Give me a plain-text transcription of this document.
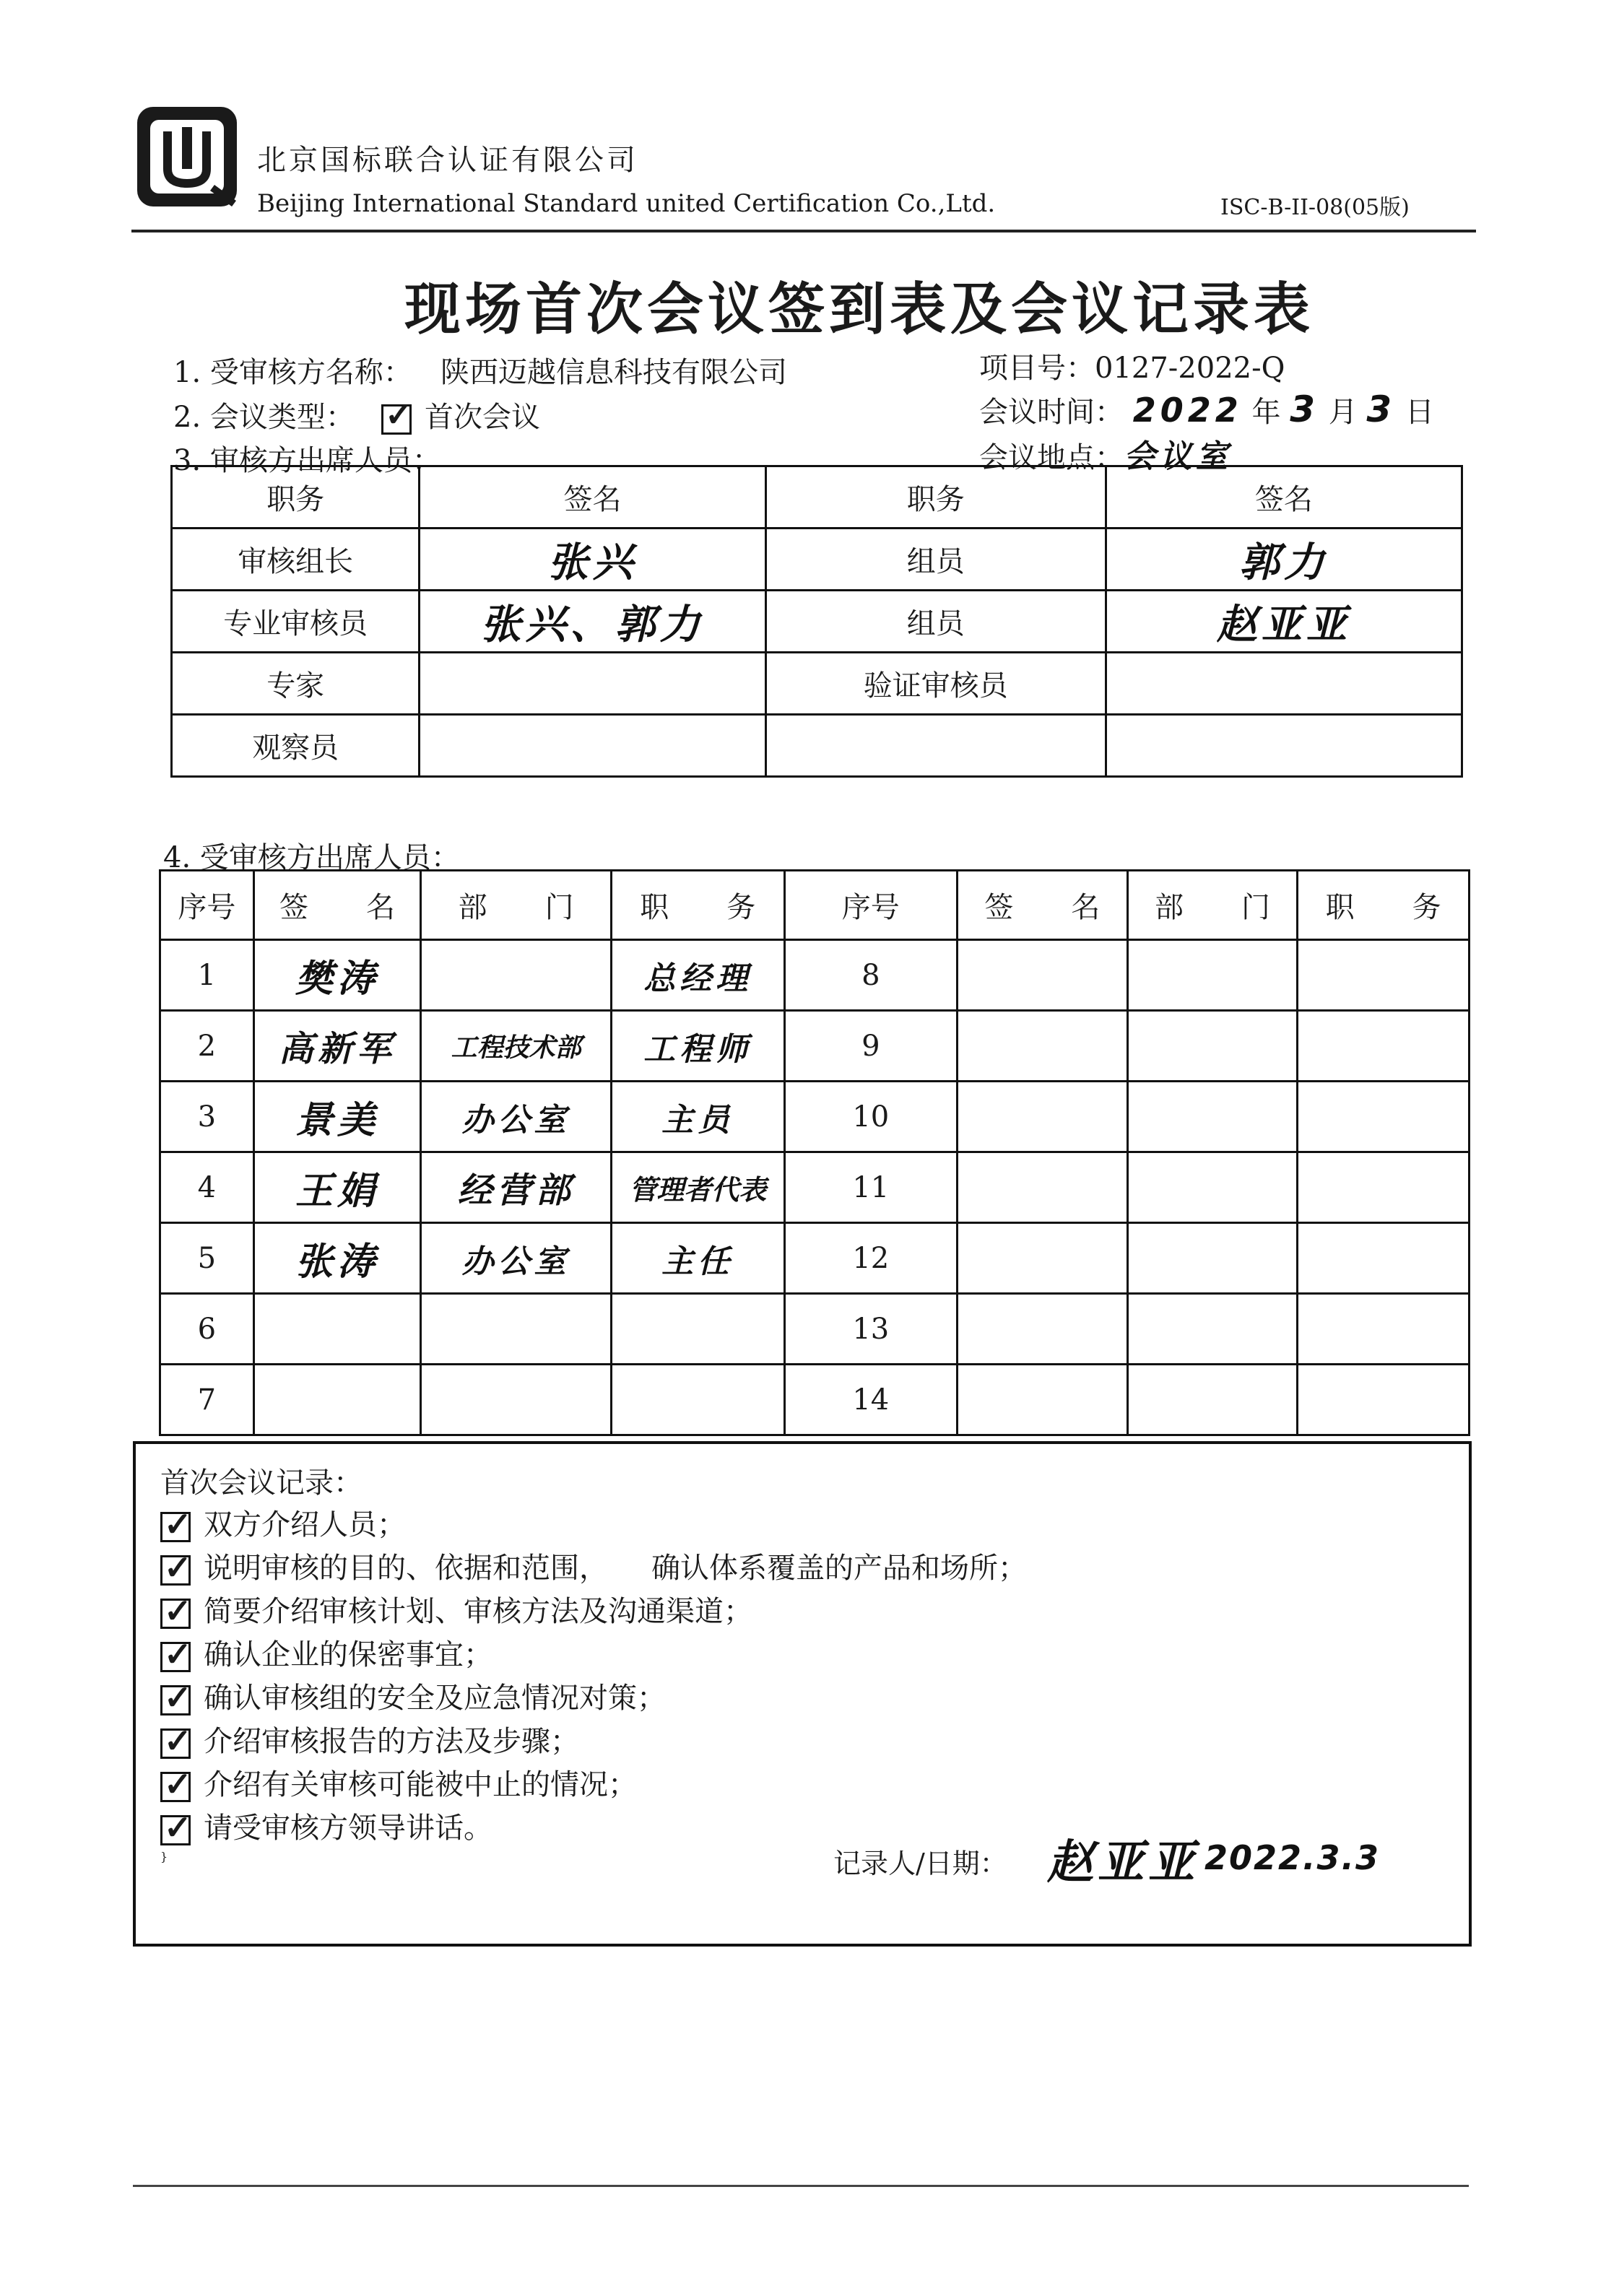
北京国标联合认证有限公司
Beijing International Standard united Certification Co.,Ltd.	ISC-B-II-08(05版)
现场首次会议签到表及会议记录表
1. 受审核方名称： 陕西迈越信息科技有限公司
2. 会议类型： ✓	首次会议
3. 审核方出席人员：
项目号：0127-2022-Q
会议时间： 2022 年 3 月 3 日
会议地点：会议室
职务	签名	职务	签名
审核组长	张兴	组员	郭力
专业审核员	张兴、郭力	组员	赵亚亚
专家		验证审核员	
观察员			
4. 受审核方出席人员：
序号	签　　名	部　　门	职　　务	序号	签　　名	部　　门	职　　务
1	樊涛		总经理	8			
2	高新军	工程技术部	工程师	9			
3	景美	办公室	主员	10			
4	王娟	经营部	管理者代表	11			
5	张涛	办公室	主任	12			
6				13			
7				14			
首次会议记录：
✓双方介绍人员；
✓说明审核的目的、依据和范围，　　确认体系覆盖的产品和场所；
✓简要介绍审核计划、审核方法及沟通渠道；
✓确认企业的保密事宜；
✓确认审核组的安全及应急情况对策；
✓介绍审核报告的方法及步骤；
✓介绍有关审核可能被中止的情况；
✓请受审核方领导讲话。
}	记录人/日期： 赵亚亚 2022.3.3
